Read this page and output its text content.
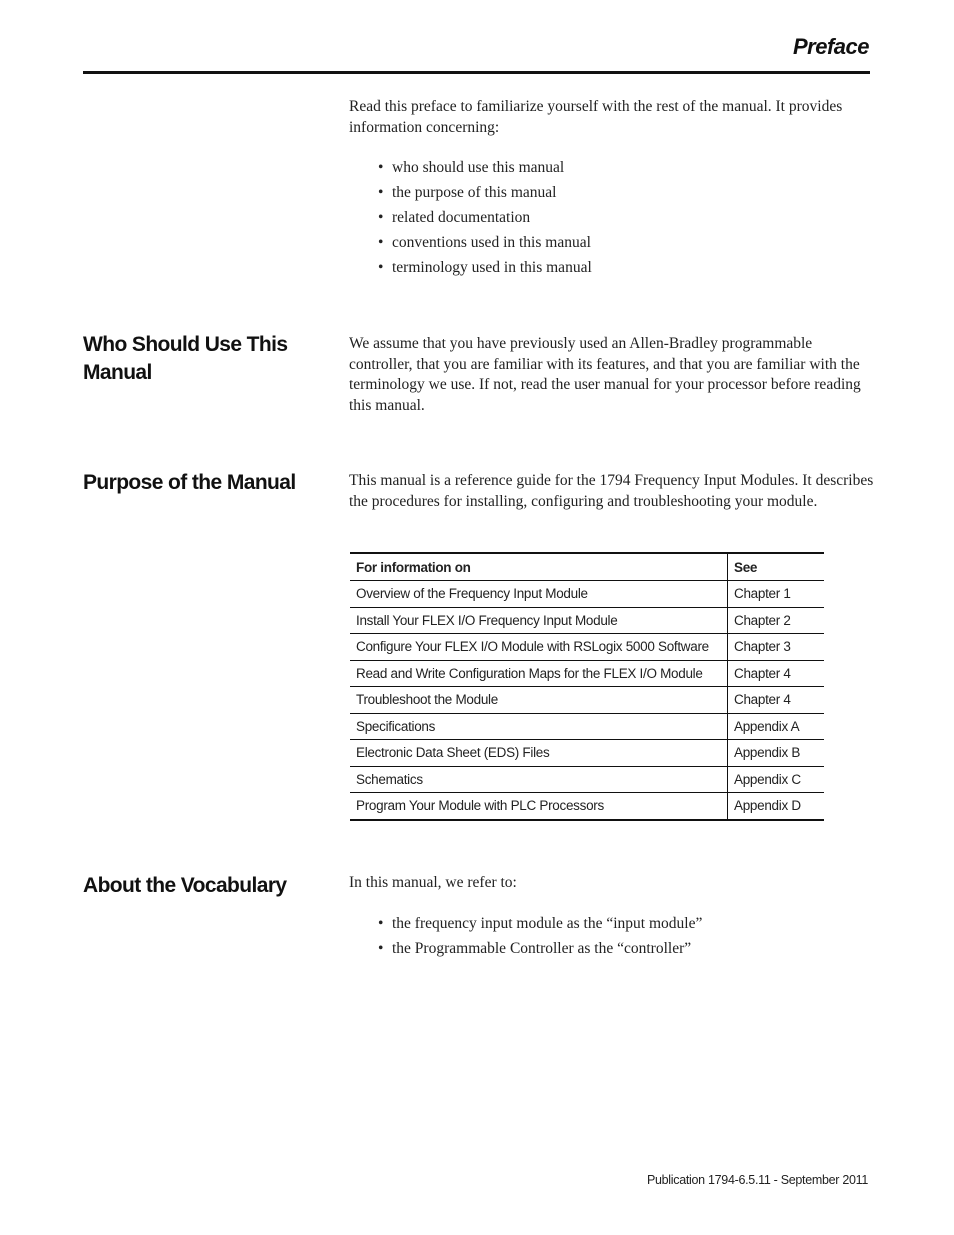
Preface

Read this preface to familiarize yourself with the rest of the manual. It provides information concerning:

• who should use this manual
• the purpose of this manual
• related documentation
• conventions used in this manual
• terminology used in this manual
Who Should Use This Manual

We assume that you have previously used an Allen-Bradley programmable controller, that you are familiar with its features, and that you are familiar with the terminology we use. If not, read the user manual for your processor before reading this manual.

Purpose of the Manual	This manual is a reference guide for the 1794 Frequency Input Modules. It describes the procedures for installing, configuring and troubleshooting your module.

For information on	See
Overview of the Frequency Input Module	Chapter 1
Install Your FLEX I/O Frequency Input Module	Chapter 2
Configure Your FLEX I/O Module with RSLogix 5000 Software	Chapter 3
Read and Write Configuration Maps for the FLEX I/O Module	Chapter 4
Troubleshoot the Module	Chapter 4
Specifications	Appendix A
Electronic Data Sheet (EDS) Files	Appendix B
Schematics	Appendix C
Program Your Module with PLC Processors	Appendix D
About the Vocabulary	In this manual, we refer to:

• the frequency input module as the “input module”
• the Programmable Controller as the “controller”
Publication 1794-6.5.11 - September 2011
